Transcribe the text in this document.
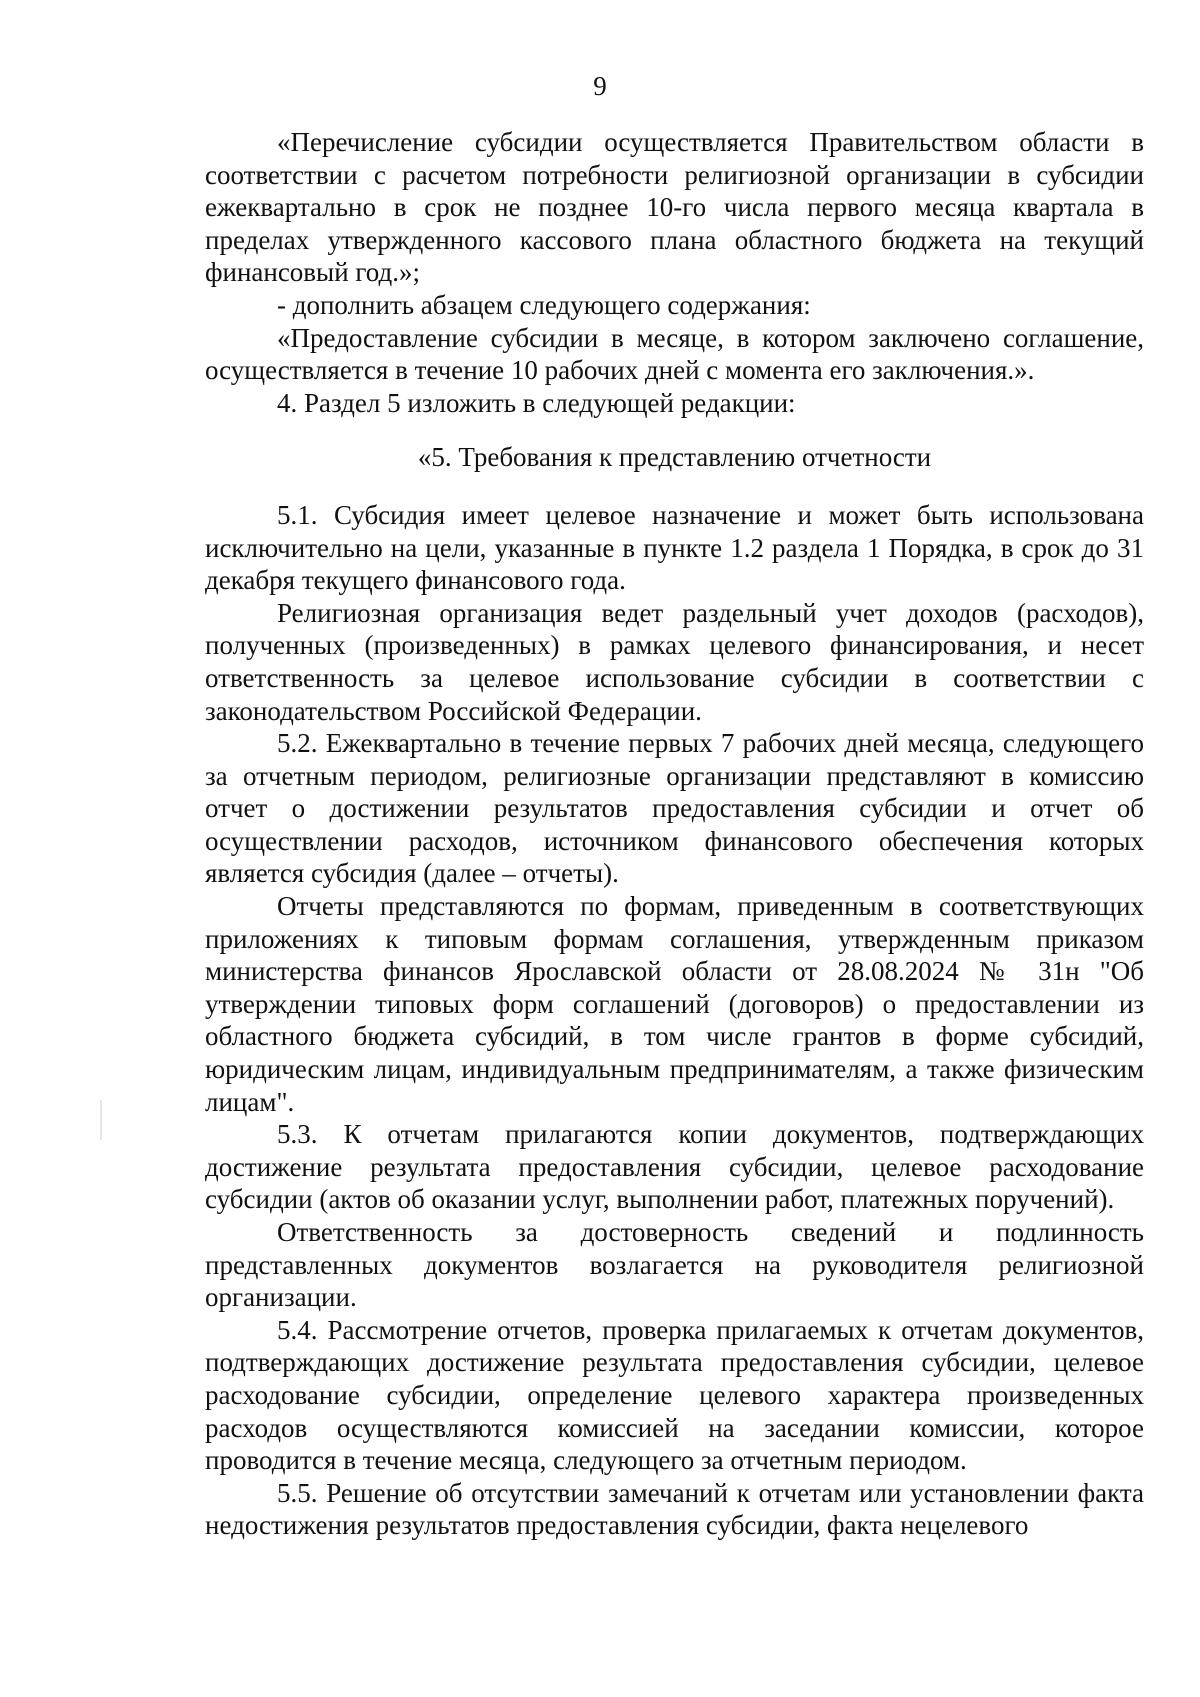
9

«Перечисление субсидии осуществляется Правительством области в соответствии с расчетом потребности религиозной организации в субсидии ежеквартально в срок не позднее 10-го числа первого месяца квартала в пределах утвержденного кассового плана областного бюджета на текущий финансовый год.»;

- дополнить абзацем следующего содержания:

«Предоставление субсидии в месяце, в котором заключено соглашение, осуществляется в течение 10 рабочих дней с момента его заключения.».

4. Раздел 5 изложить в следующей редакции:

«5. Требования к представлению отчетности

5.1. Субсидия имеет целевое назначение и может быть использована исключительно на цели, указанные в пункте 1.2 раздела 1 Порядка, в срок до 31 декабря текущего финансового года.

Религиозная организация ведет раздельный учет доходов (расходов), полученных (произведенных) в рамках целевого финансирования, и несет ответственность за целевое использование субсидии в соответствии с законодательством Российской Федерации.

5.2. Ежеквартально в течение первых 7 рабочих дней месяца, следующего за отчетным периодом, религиозные организации представляют в комиссию отчет о достижении результатов предоставления субсидии и отчет об осуществлении расходов, источником финансового обеспечения которых является субсидия (далее – отчеты).

Отчеты представляются по формам, приведенным в соответствующих приложениях к типовым формам соглашения, утвержденным приказом министерства финансов Ярославской области от 28.08.2024 № 31н "Об утверждении типовых форм соглашений (договоров) о предоставлении из областного бюджета субсидий, в том числе грантов в форме субсидий, юридическим лицам, индивидуальным предпринимателям, а также физическим лицам".

5.3. К отчетам прилагаются копии документов, подтверждающих достижение результата предоставления субсидии, целевое расходование субсидии (актов об оказании услуг, выполнении работ, платежных поручений).

Ответственность за достоверность сведений и подлинность представленных документов возлагается на руководителя религиозной организации.

5.4. Рассмотрение отчетов, проверка прилагаемых к отчетам документов, подтверждающих достижение результата предоставления субсидии, целевое расходование субсидии, определение целевого характера произведенных расходов осуществляются комиссией на заседании комиссии, которое проводится в течение месяца, следующего за отчетным периодом.

5.5. Решение об отсутствии замечаний к отчетам или установлении факта недостижения результатов предоставления субсидии, факта нецелевого
